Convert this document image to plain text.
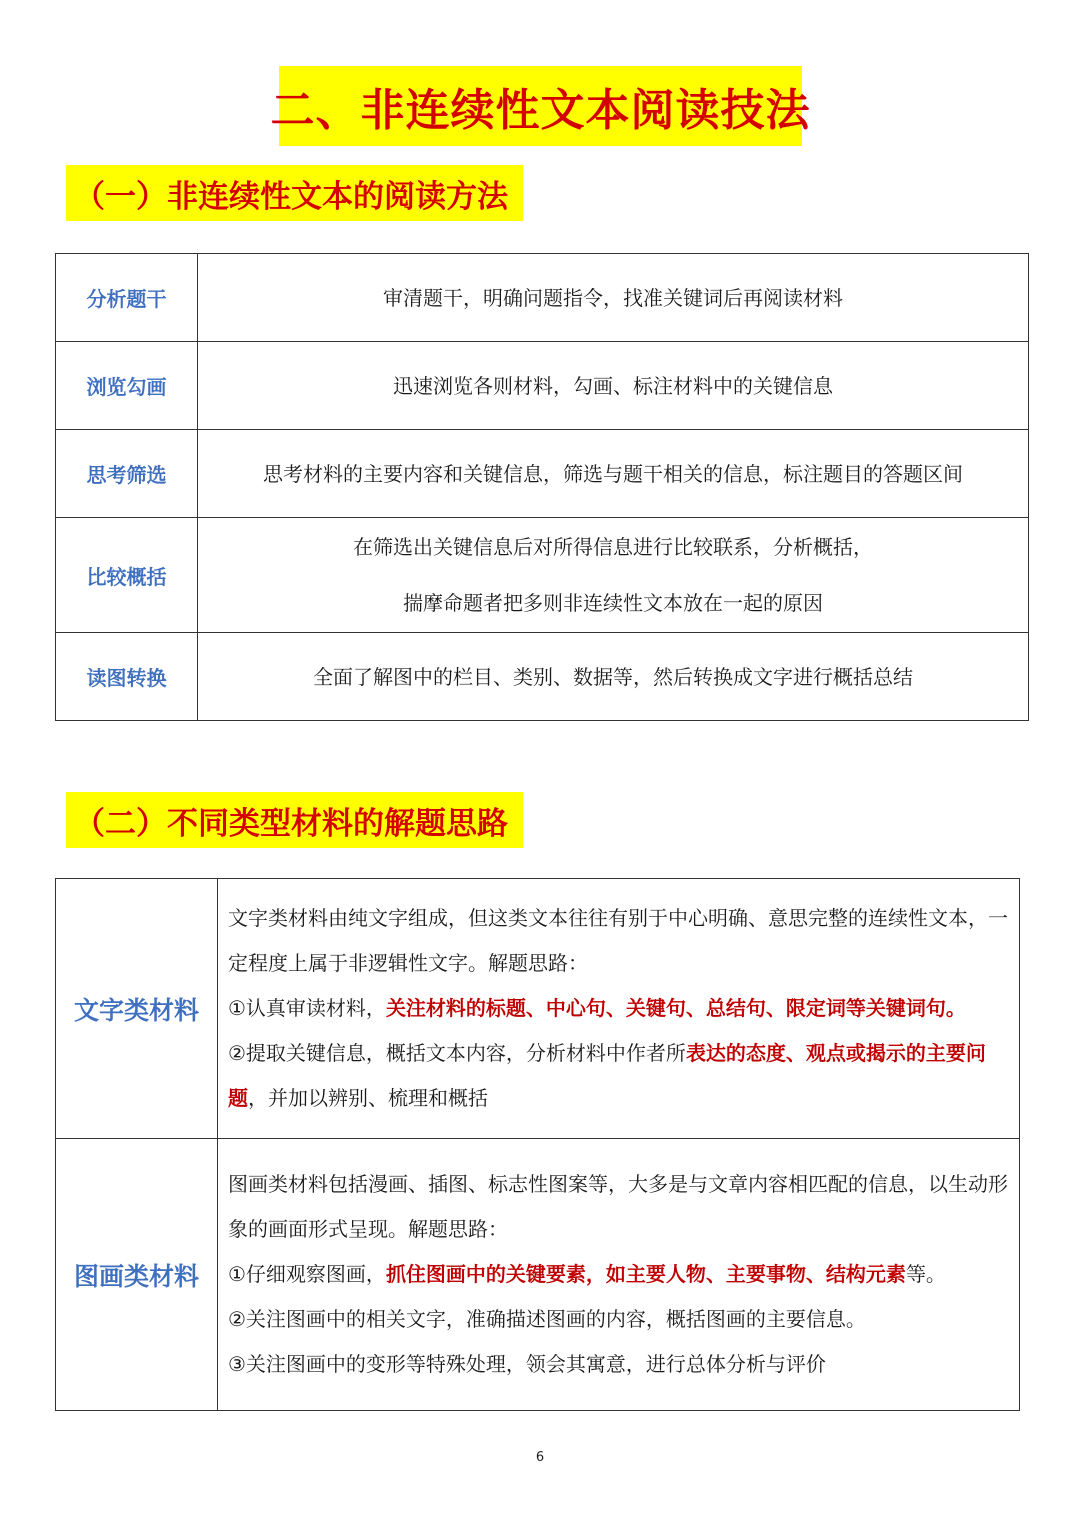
二、非连续性文本阅读技法
（一）非连续性文本的阅读方法
分析题干	审清题干，明确问题指令，找准关键词后再阅读材料
浏览勾画	迅速浏览各则材料，勾画、标注材料中的关键信息
思考筛选	思考材料的主要内容和关键信息，筛选与题干相关的信息，标注题目的答题区间
比较概括	在筛选出关键信息后对所得信息进行比较联系，分析概括，
揣摩命题者把多则非连续性文本放在一起的原因

读图转换	全面了解图中的栏目、类别、数据等，然后转换成文字进行概括总结
（二）不同类型材料的解题思路
文字类材料	文字类材料由纯文字组成，但这类文本往往有别于中心明确、意思完整的连续性文本，一定程度上属于非逻辑性文字。解题思路：
①认真审读材料，关注材料的标题、中心句、关键句、总结句、限定词等关键词句。
②提取关键信息，概括文本内容，分析材料中作者所表达的态度、观点或揭示的主要问题，并加以辨别、梳理和概括

图画类材料	图画类材料包括漫画、插图、标志性图案等，大多是与文章内容相匹配的信息，以生动形象的画面形式呈现。解题思路：
①仔细观察图画，抓住图画中的关键要素，如主要人物、主要事物、结构元素等。
②关注图画中的相关文字，准确描述图画的内容，概括图画的主要信息。
③关注图画中的变形等特殊处理，领会其寓意，进行总体分析与评价
6
